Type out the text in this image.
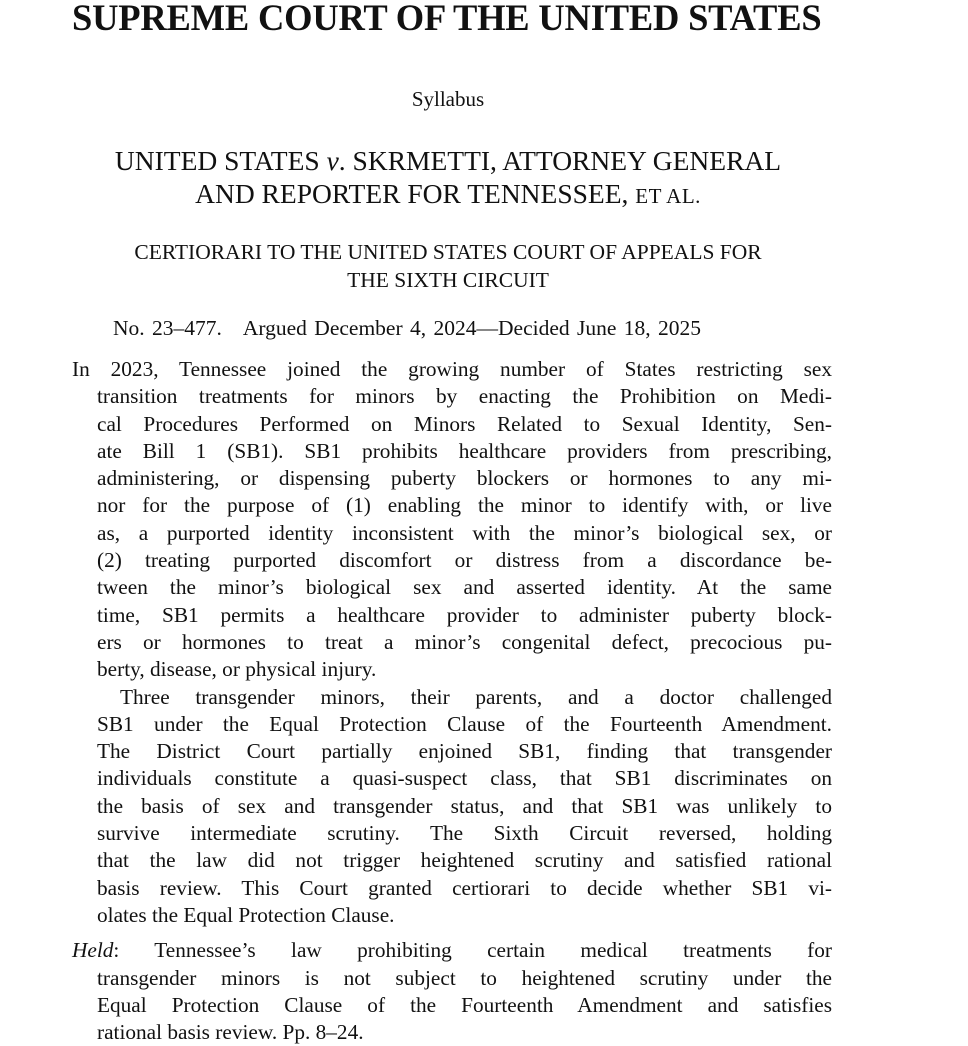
SUPREME COURT OF THE UNITED STATES
Syllabus
UNITED STATES v. SKRMETTI, ATTORNEY GENERAL
AND REPORTER FOR TENNESSEE, ET AL.
CERTIORARI TO THE UNITED STATES COURT OF APPEALS FOR
THE SIXTH CIRCUIT
No. 23–477.   Argued December 4, 2024—Decided June 18, 2025

In 2023, Tennessee joined the growing number of States restricting sex
transition treatments for minors by enacting the Prohibition on Medi-
cal Procedures Performed on Minors Related to Sexual Identity, Sen-
ate Bill 1 (SB1). SB1 prohibits healthcare providers from prescribing,
administering, or dispensing puberty blockers or hormones to any mi-
nor for the purpose of (1) enabling the minor to identify with, or live
as, a purported identity inconsistent with the minor’s biological sex, or
(2) treating purported discomfort or distress from a discordance be-
tween the minor’s biological sex and asserted identity. At the same
time, SB1 permits a healthcare provider to administer puberty block-
ers or hormones to treat a minor’s congenital defect, precocious pu-
berty, disease, or physical injury.

Three transgender minors, their parents, and a doctor challenged
SB1 under the Equal Protection Clause of the Fourteenth Amendment.
The District Court partially enjoined SB1, finding that transgender
individuals constitute a quasi-suspect class, that SB1 discriminates on
the basis of sex and transgender status, and that SB1 was unlikely to
survive intermediate scrutiny. The Sixth Circuit reversed, holding
that the law did not trigger heightened scrutiny and satisfied rational
basis review. This Court granted certiorari to decide whether SB1 vi-
olates the Equal Protection Clause.

Held: Tennessee’s law prohibiting certain medical treatments for
transgender minors is not subject to heightened scrutiny under the
Equal Protection Clause of the Fourteenth Amendment and satisfies
rational basis review. Pp. 8–24.
